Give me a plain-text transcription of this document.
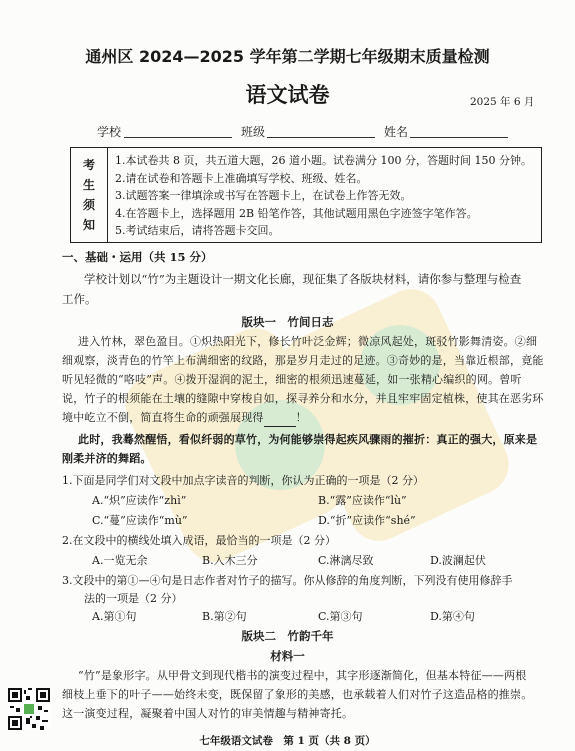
通州区 2024—2025 学年第二学期七年级期末质量检测
语文试卷	2025 年 6 月
学校	班级	姓名
考
生
须
知
1.本试卷共 8 页，共五道大题，26 道小题。试卷满分 100 分，答题时间 150 分钟。
2.请在试卷和答题卡上准确填写学校、班级、姓名。
3.试题答案一律填涂或书写在答题卡上，在试卷上作答无效。
4.在答题卡上，选择题用 2B 铅笔作答，其他试题用黑色字迹签字笔作答。
5.考试结束后，请将答题卡交回。
一、基础・运用（共 15 分）
学校计划以“竹”为主题设计一期文化长廊，现征集了各版块材料，请你参与整理与检查
工作。
版块一　竹间日志
进入竹林，翠色盈目。①炽热阳光下，修长竹叶泛金辉；微凉风起处，斑驳竹影舞清姿。②细
细观察，淡青色的竹竿上布满细密的纹路，那是岁月走过的足迹。③奇妙的是，当靠近根部，竟能
听见轻微的“咯吱”声。④拨开湿润的泥土，细密的根须迅速蔓延，如一张精心编织的网。曾听
说，竹子的根须能在土壤的缝隙中穿梭自如，探寻养分和水分，并且牢牢固定植株，使其在恶劣环
境中屹立不倒，简直将生命的顽强展现得	！
此时，我蓦然醒悟，看似纤弱的草竹，为何能够崇得起疾风骤雨的摧折：真正的强大，原来是
刚柔并济的舞蹈。
1.下面是同学们对文段中加点字读音的判断，你认为正确的一项是（2 分）
A.“炽”应读作“zhì”	B.“露”应读作“lù”
C.“蔓”应读作“mù”	D.“折”应读作“shé”
2.在文段中的横线处填入成语，最恰当的一项是（2 分）
A.一览无余	B.入木三分	C.淋漓尽致	D.波澜起伏
3.文段中的第①—④句是日志作者对竹子的描写。你从修辞的角度判断，下列没有使用修辞手
法的一项是（2 分）
A.第①句	B.第②句	C.第③句	D.第④句
版块二　竹韵千年
材料一
“竹”是象形字。从甲骨文到现代楷书的演变过程中，其字形逐渐简化，但基本特征——两根
细枝上垂下的叶子——始终未变，既保留了象形的美感，也承载着人们对竹子这造品格的推崇。
这一演变过程，凝聚着中国人对竹的审美情趣与精神寄托。
七年级语文试卷　第 1 页（共 8 页）
